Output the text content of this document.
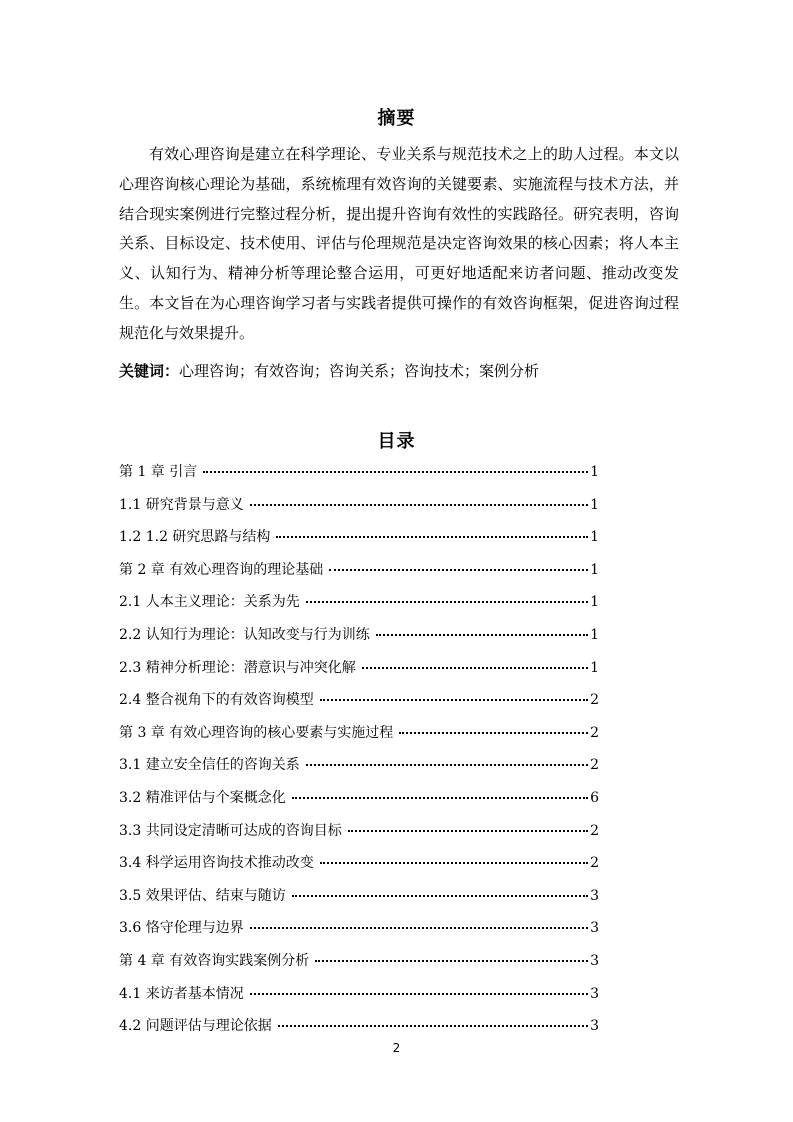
摘要

有效心理咨询是建立在科学理论、专业关系与规范技术之上的助人过程。本文以心理咨询核心理论为基础，系统梳理有效咨询的关键要素、实施流程与技术方法，并结合现实案例进行完整过程分析，提出提升咨询有效性的实践路径。研究表明，咨询关系、目标设定、技术使用、评估与伦理规范是决定咨询效果的核心因素；将人本主义、认知行为、精神分析等理论整合运用，可更好地适配来访者问题、推动改变发生。本文旨在为心理咨询学习者与实践者提供可操作的有效咨询框架，促进咨询过程规范化与效果提升。

关键词：心理咨询；有效咨询；咨询关系；咨询技术；案例分析
目录
第 1 章 引言	1
1.1 研究背景与意义	1
1.2 1.2 研究思路与结构	1
第 2 章 有效心理咨询的理论基础	1
2.1 人本主义理论：关系为先	1
2.2 认知行为理论：认知改变与行为训练	1
2.3 精神分析理论：潜意识与冲突化解	1
2.4 整合视角下的有效咨询模型	2
第 3 章 有效心理咨询的核心要素与实施过程	2
3.1 建立安全信任的咨询关系	2
3.2 精准评估与个案概念化	6
3.3 共同设定清晰可达成的咨询目标	2
3.4 科学运用咨询技术推动改变	2
3.5 效果评估、结束与随访	3
3.6 恪守伦理与边界	3
第 4 章 有效咨询实践案例分析	3
4.1 来访者基本情况	3
4.2 问题评估与理论依据	3
2
